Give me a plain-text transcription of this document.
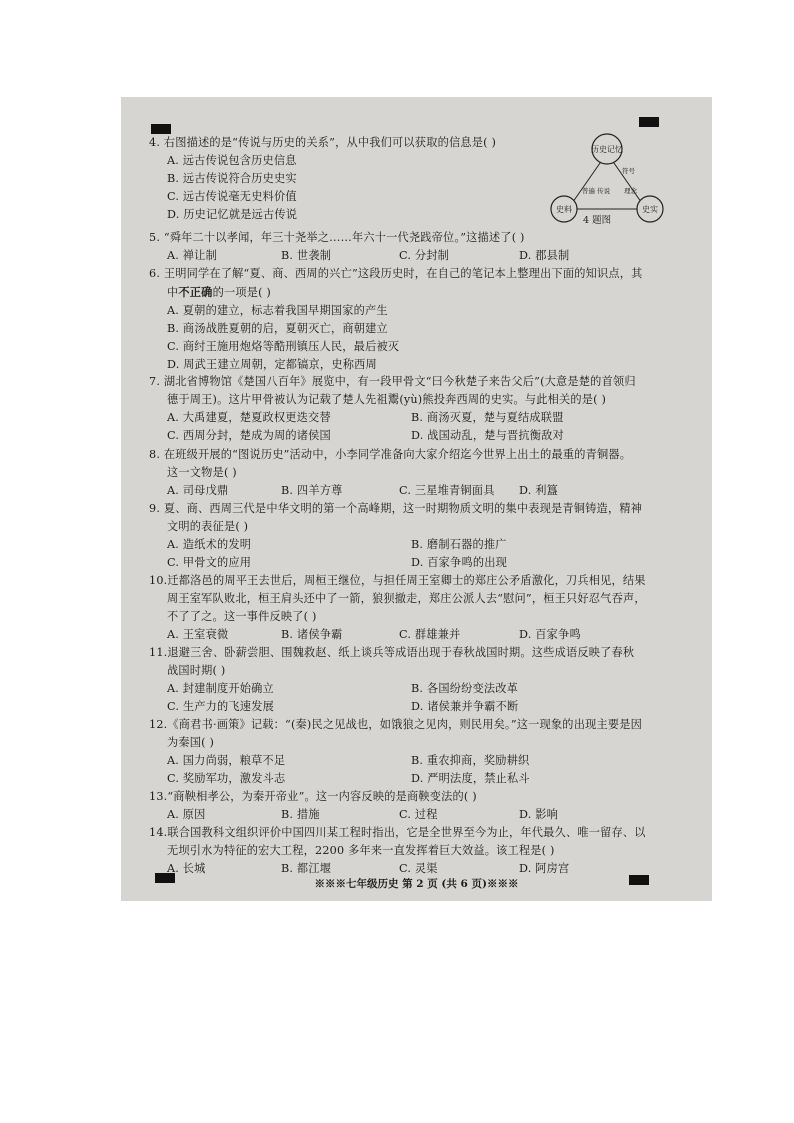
历史记忆
史料	史实
符号
普遍 传说 理念
4 题图

4. 右图描述的是“传说与历史的关系”，从中我们可以获取的信息是( )

A. 远古传说包含历史信息
B. 远古传说符合历史史实
C. 远古传说毫无史料价值
D. 历史记忆就是远古传说

5. “舜年二十以孝闻，年三十尧举之……年六十一代尧践帝位。”这描述了( )

A. 禅让制	B. 世袭制	C. 分封制	D. 郡县制

6. 王明同学在了解“夏、商、西周的兴亡”这段历史时，在自己的笔记本上整理出下面的知识点，其

中不正确的一项是( )

A. 夏朝的建立，标志着我国早期国家的产生
B. 商汤战胜夏朝的启，夏朝灭亡，商朝建立
C. 商纣王施用炮烙等酷刑镇压人民，最后被灭
D. 周武王建立周朝，定都镐京，史称西周

7. 湖北省博物馆《楚国八百年》展览中，有一段甲骨文“曰今秋楚子来告父后”(大意是楚的首领归

德于周王)。这片甲骨被认为记载了楚人先祖鬻(yù)熊投奔西周的史实。与此相关的是( )

A. 大禹建夏，楚夏政权更迭交替	B. 商汤灭夏，楚与夏结成联盟
C. 西周分封，楚成为周的诸侯国	D. 战国动乱，楚与晋抗衡敌对

8. 在班级开展的“图说历史”活动中，小李同学准备向大家介绍迄今世界上出土的最重的青铜器。

这一文物是( )

A. 司母戊鼎	B. 四羊方尊	C. 三星堆青铜面具 D. 利簋

9. 夏、商、西周三代是中华文明的第一个高峰期，这一时期物质文明的集中表现是青铜铸造，精神

文明的表征是( )

A. 造纸术的发明	B. 磨制石器的推广
C. 甲骨文的应用	D. 百家争鸣的出现

10.迁都洛邑的周平王去世后，周桓王继位，与担任周王室卿士的郑庄公矛盾激化，刀兵相见，结果

周王室军队败北，桓王肩头还中了一箭，狼狈撤走，郑庄公派人去“慰问”，桓王只好忍气吞声，

不了了之。这一事件反映了( )

A. 王室衰微	B. 诸侯争霸	C. 群雄兼并	D. 百家争鸣

11.退避三舍、卧薪尝胆、围魏救赵、纸上谈兵等成语出现于春秋战国时期。这些成语反映了春秋

战国时期( )

A. 封建制度开始确立	B. 各国纷纷变法改革
C. 生产力的飞速发展	D. 诸侯兼并争霸不断

12.《商君书·画策》记载：“(秦)民之见战也，如饿狼之见肉，则民用矣。”这一现象的出现主要是因

为秦国( )

A. 国力尚弱，粮草不足	B. 重农抑商，奖励耕织
C. 奖励军功，激发斗志	D. 严明法度，禁止私斗

13.“商鞅相孝公，为秦开帝业”。这一内容反映的是商鞅变法的( )

A. 原因	B. 措施	C. 过程	D. 影响

14.联合国教科文组织评价中国四川某工程时指出，它是全世界至今为止，年代最久、唯一留存、以

无坝引水为特征的宏大工程，2200 多年来一直发挥着巨大效益。该工程是( )

A. 长城	B. 都江堰	C. 灵渠	D. 阿房宫
※※※七年级历史 第 2 页 (共 6 页)※※※
